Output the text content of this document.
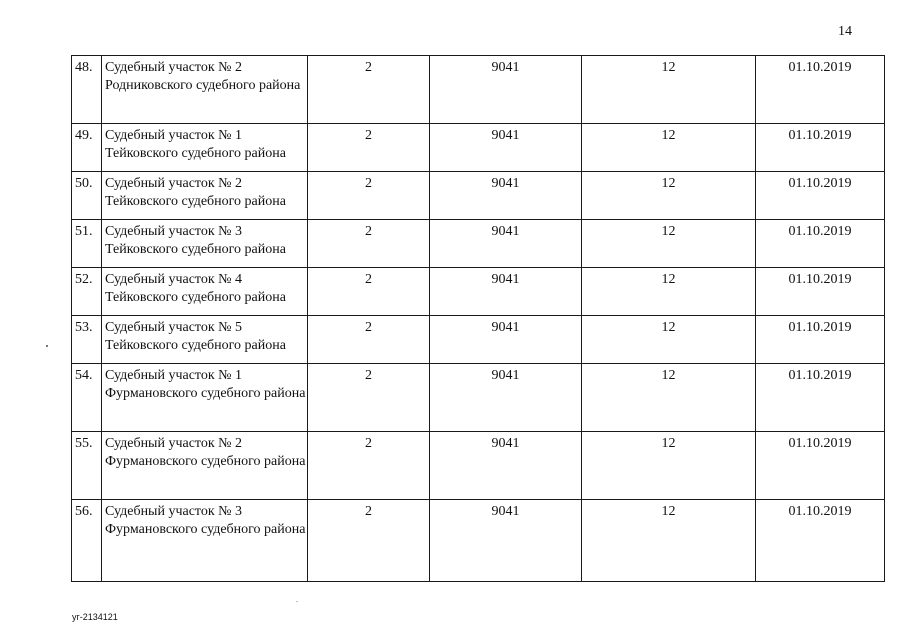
14
48.	Судебный участок № 2 Родниковского судебного района	2	9041	12	01.10.2019
49.	Судебный участок № 1 Тейковского судебного района	2	9041	12	01.10.2019
50.	Судебный участок № 2 Тейковского судебного района	2	9041	12	01.10.2019
51.	Судебный участок № 3 Тейковского судебного района	2	9041	12	01.10.2019
52.	Судебный участок № 4 Тейковского судебного района	2	9041	12	01.10.2019
53.	Судебный участок № 5 Тейковского судебного района	2	9041	12	01.10.2019
54.	Судебный участок № 1 Фурмановского судебного района	2	9041	12	01.10.2019
55.	Судебный участок № 2 Фурмановского судебного района	2	9041	12	01.10.2019
56.	Судебный участок № 3 Фурмановского судебного района	2	9041	12	01.10.2019
уг-2134121
